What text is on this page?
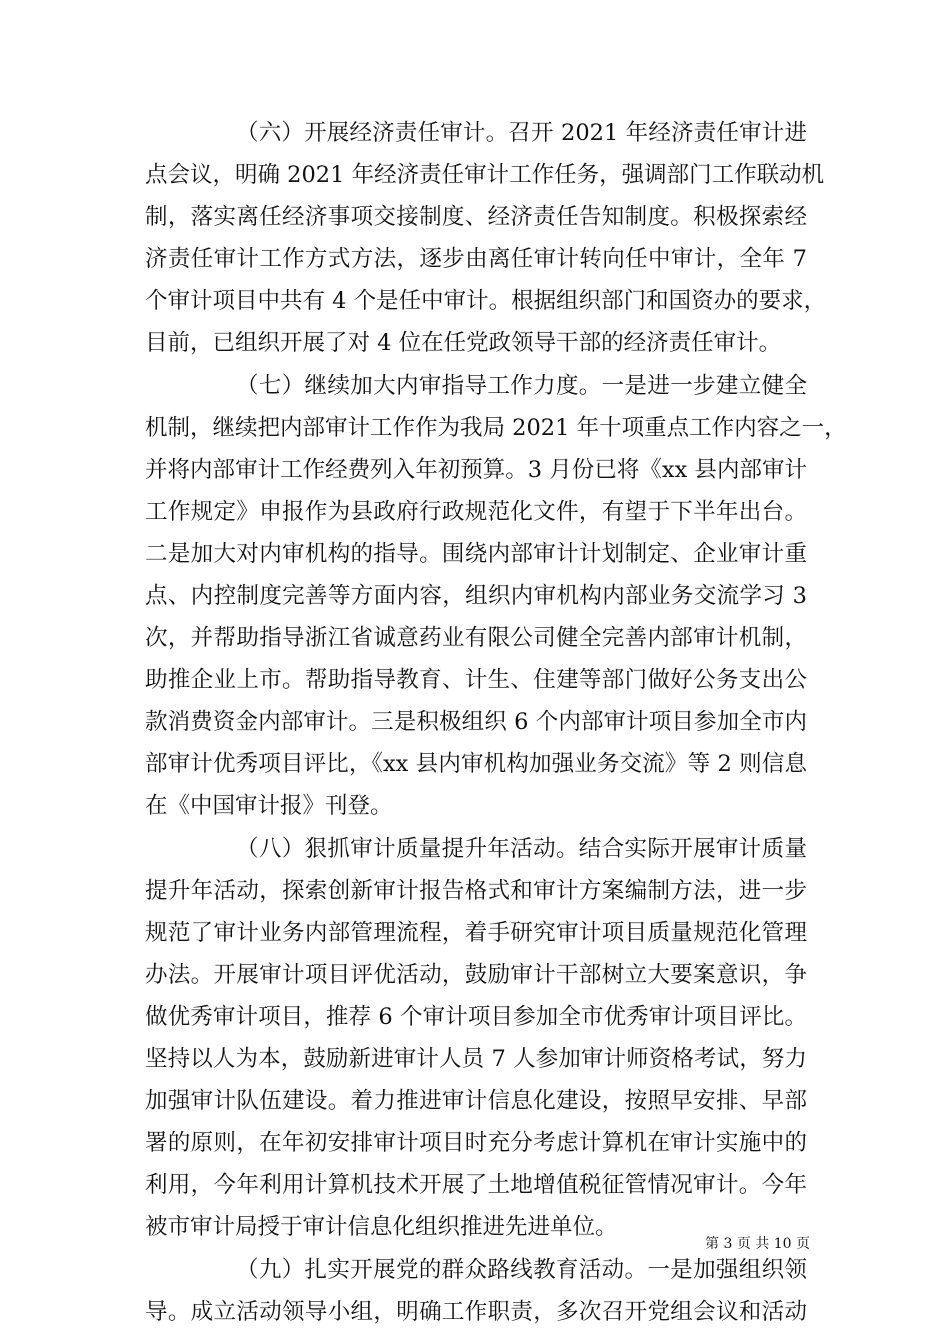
（六）开展经济责任审计。召开 2021 年经济责任审计进
点会议，明确 2021 年经济责任审计工作任务，强调部门工作联动机
制，落实离任经济事项交接制度、经济责任告知制度。积极探索经
济责任审计工作方式方法，逐步由离任审计转向任中审计，全年 7
个审计项目中共有 4 个是任中审计。根据组织部门和国资办的要求，
目前，已组织开展了对 4 位在任党政领导干部的经济责任审计。
（七）继续加大内审指导工作力度。一是进一步建立健全
机制，继续把内部审计工作作为我局 2021 年十项重点工作内容之一，
并将内部审计工作经费列入年初预算。3 月份已将《xx 县内部审计
工作规定》申报作为县政府行政规范化文件，有望于下半年出台。
二是加大对内审机构的指导。围绕内部审计计划制定、企业审计重
点、内控制度完善等方面内容，组织内审机构内部业务交流学习 3
次，并帮助指导浙江省诚意药业有限公司健全完善内部审计机制，
助推企业上市。帮助指导教育、计生、住建等部门做好公务支出公
款消费资金内部审计。三是积极组织 6 个内部审计项目参加全市内
部审计优秀项目评比，《xx 县内审机构加强业务交流》等 2 则信息
在《中国审计报》刊登。
（八）狠抓审计质量提升年活动。结合实际开展审计质量
提升年活动，探索创新审计报告格式和审计方案编制方法，进一步
规范了审计业务内部管理流程，着手研究审计项目质量规范化管理
办法。开展审计项目评优活动，鼓励审计干部树立大要案意识，争
做优秀审计项目，推荐 6 个审计项目参加全市优秀审计项目评比。
坚持以人为本，鼓励新进审计人员 7 人参加审计师资格考试，努力
加强审计队伍建设。着力推进审计信息化建设，按照早安排、早部
署的原则，在年初安排审计项目时充分考虑计算机在审计实施中的
利用，今年利用计算机技术开展了土地增值税征管情况审计。今年
被市审计局授于审计信息化组织推进先进单位。
（九）扎实开展党的群众路线教育活动。一是加强组织领
导。成立活动领导小组，明确工作职责，多次召开党组会议和活动
第 3 页 共 10 页
